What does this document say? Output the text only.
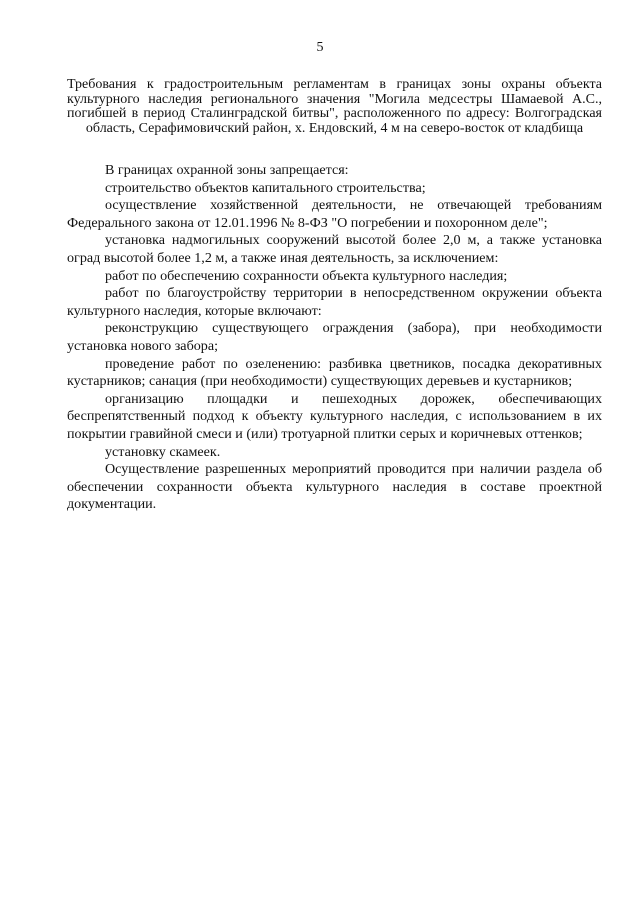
5
Требования к градостроительным регламентам в границах зоны охраны объекта культурного наследия регионального значения "Могила медсестры Шамаевой А.С., погибшей в период Сталинградской битвы", расположенного по адресу: Волгоградская область, Серафимовичский район, х. Ендовский, 4 м на северо-восток от кладбища

В границах охранной зоны запрещается:

строительство объектов капитального строительства;

осуществление хозяйственной деятельности, не отвечающей требованиям Федерального закона от 12.01.1996 № 8-ФЗ "О погребении и похоронном деле";

установка надмогильных сооружений высотой более 2,0 м, а также установка оград высотой более 1,2 м, а также иная деятельность, за исключением:

работ по обеспечению сохранности объекта культурного наследия;

работ по благоустройству территории в непосредственном окружении объекта культурного наследия, которые включают:

реконструкцию существующего ограждения (забора), при необходимости установка нового забора;

проведение работ по озеленению: разбивка цветников, посадка декоративных кустарников; санация (при необходимости) существующих деревьев и кустарников;

организацию площадки и пешеходных дорожек, обеспечивающих беспрепятственный подход к объекту культурного наследия, с использованием в их покрытии гравийной смеси и (или) тротуарной плитки серых и коричневых оттенков;

установку скамеек.

Осуществление разрешенных мероприятий проводится при наличии раздела об обеспечении сохранности объекта культурного наследия в составе проектной документации.
